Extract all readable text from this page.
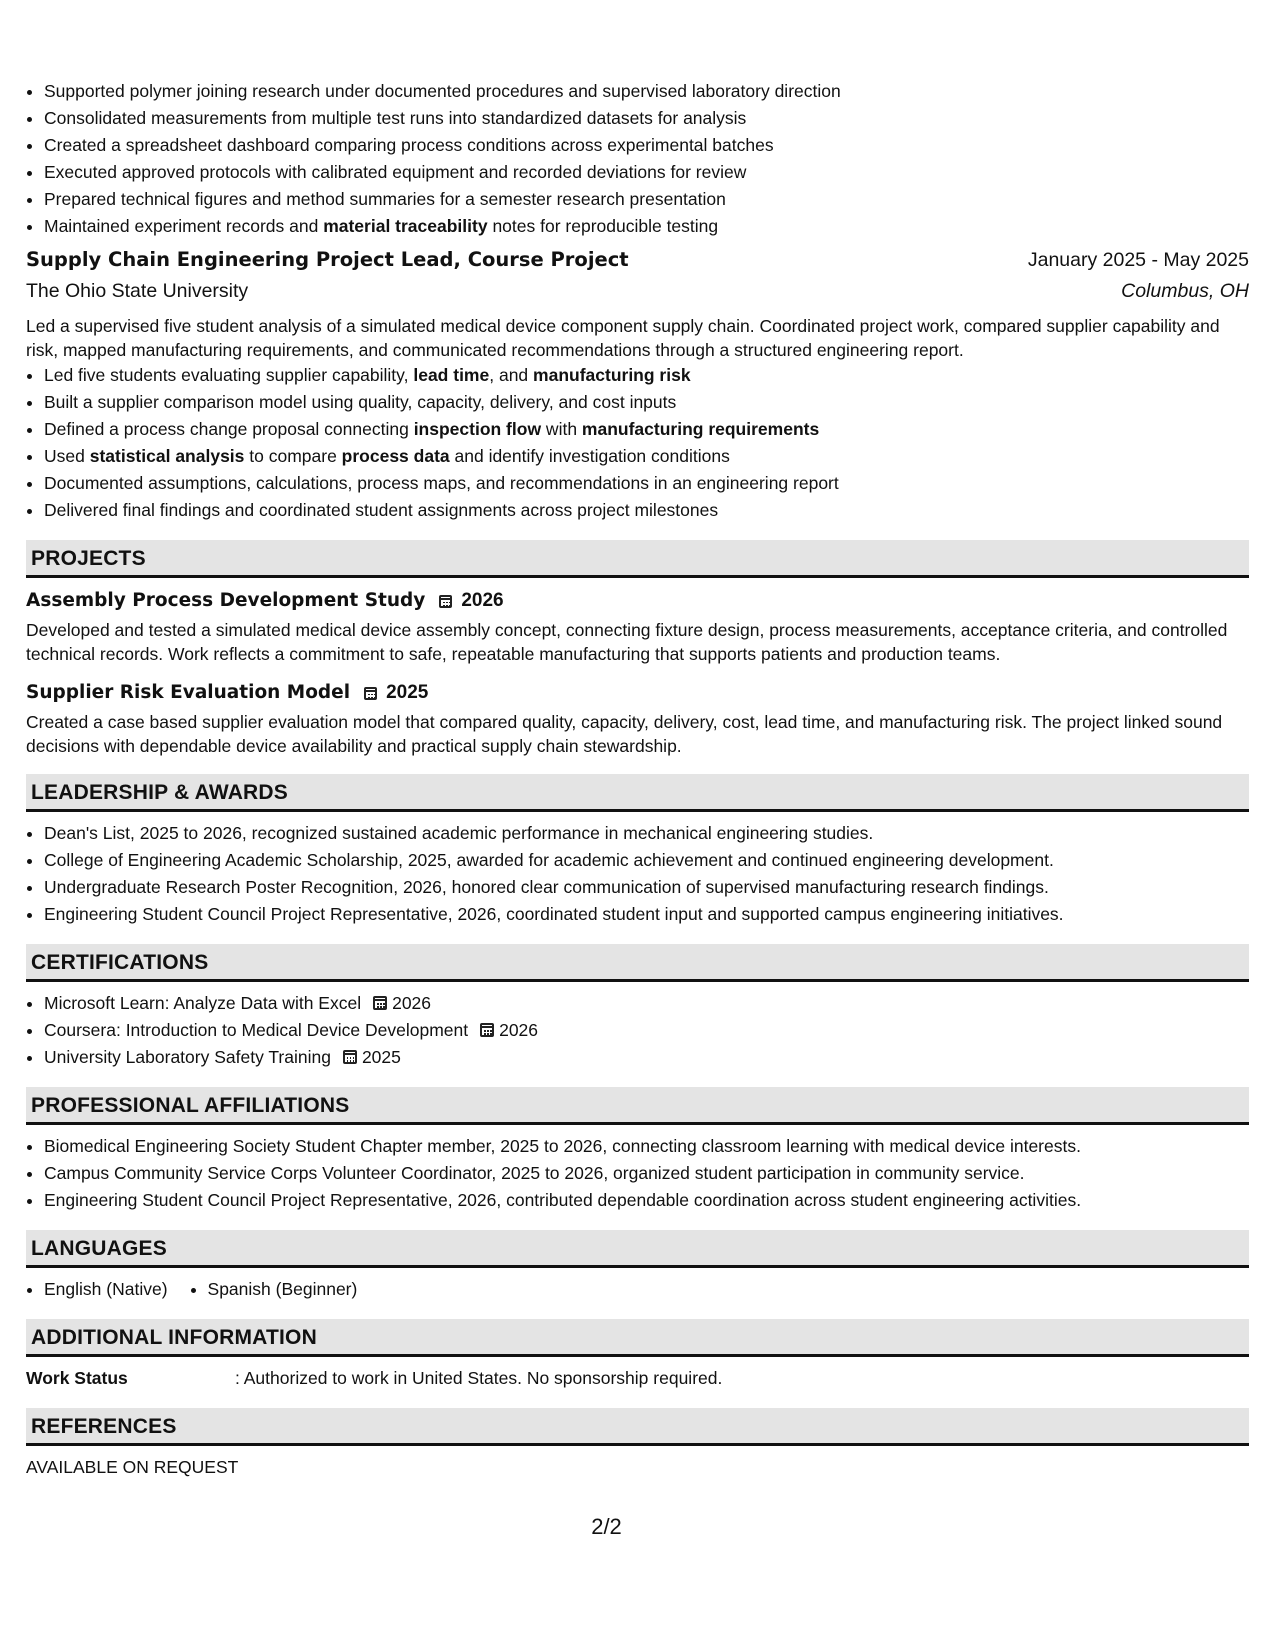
• Supported polymer joining research under documented procedures and supervised laboratory direction
• Consolidated measurements from multiple test runs into standardized datasets for analysis
• Created a spreadsheet dashboard comparing process conditions across experimental batches
• Executed approved protocols with calibrated equipment and recorded deviations for review
• Prepared technical figures and method summaries for a semester research presentation
• Maintained experiment records and material traceability notes for reproducible testing
Supply Chain Engineering Project Lead, Course Project	January 2025 - May 2025
The Ohio State University	Columbus, OH

Led a supervised five student analysis of a simulated medical device component supply chain. Coordinated project work, compared supplier capability and risk, mapped manufacturing requirements, and communicated recommendations through a structured engineering report.

• Led five students evaluating supplier capability, lead time, and manufacturing risk
• Built a supplier comparison model using quality, capacity, delivery, and cost inputs
• Defined a process change proposal connecting inspection flow with manufacturing requirements
• Used statistical analysis to compare process data and identify investigation conditions
• Documented assumptions, calculations, process maps, and recommendations in an engineering report
• Delivered final findings and coordinated student assignments across project milestones
PROJECTS
Assembly Process Development Study 2026

Developed and tested a simulated medical device assembly concept, connecting fixture design, process measurements, acceptance criteria, and controlled technical records. Work reflects a commitment to safe, repeatable manufacturing that supports patients and production teams.

Supplier Risk Evaluation Model 2025

Created a case based supplier evaluation model that compared quality, capacity, delivery, cost, lead time, and manufacturing risk. The project linked sound decisions with dependable device availability and practical supply chain stewardship.

LEADERSHIP & AWARDS
• Dean's List, 2025 to 2026, recognized sustained academic performance in mechanical engineering studies.
• College of Engineering Academic Scholarship, 2025, awarded for academic achievement and continued engineering development.
• Undergraduate Research Poster Recognition, 2026, honored clear communication of supervised manufacturing research findings.
• Engineering Student Council Project Representative, 2026, coordinated student input and supported campus engineering initiatives.
CERTIFICATIONS
• Microsoft Learn: Analyze Data with Excel 2026
• Coursera: Introduction to Medical Device Development 2026
• University Laboratory Safety Training 2025
PROFESSIONAL AFFILIATIONS
• Biomedical Engineering Society Student Chapter member, 2025 to 2026, connecting classroom learning with medical device interests.
• Campus Community Service Corps Volunteer Coordinator, 2025 to 2026, organized student participation in community service.
• Engineering Student Council Project Representative, 2026, contributed dependable coordination across student engineering activities.
LANGUAGES
• English (Native)
• Spanish (Beginner)
ADDITIONAL INFORMATION
Work Status	: Authorized to work in United States. No sponsorship required.
REFERENCES
AVAILABLE ON REQUEST
2/2
